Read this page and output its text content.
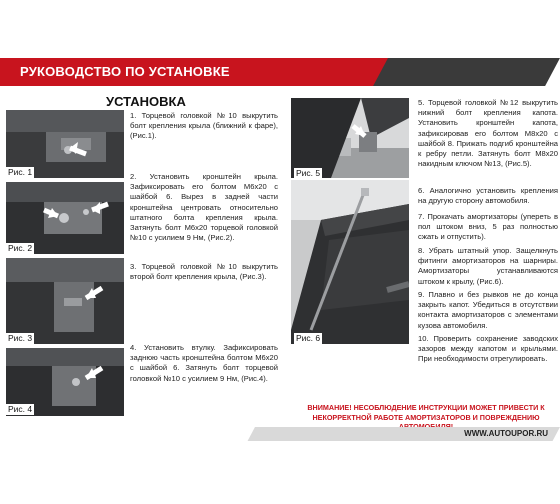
РУКОВОДСТВО ПО УСТАНОВКЕ
УСТАНОВКА
Рис. 1
Рис. 2
Рис. 3
Рис. 4
1. Торцевой головкой №10 выкрутить болт крепления крыла (ближний к фаре), (Рис.1).
2. Установить кронштейн крыла. Зафиксировать его болтом М6х20 с шайбой 6. Вырез в задней части кронштейна центровать относительно штатного болта крепления крыла. Затянуть болт М6х20 торцевой головкой №10 с усилием 9 Нм, (Рис.2).
3. Торцевой головкой №10 выкрутить второй болт крепления крыла, (Рис.3).
4. Установить втулку. Зафиксировать заднюю часть кронштейна болтом М6х20 с шайбой 6. Затянуть болт торцевой головкой №10 с усилием 9 Нм, (Рис.4).
Рис. 5
Рис. 6
5. Торцевой головкой №12 выкрутить нижний болт крепления капота. Установить кронштейн капота, зафиксировав его болтом М8х20 с шайбой 8. Прижать подгиб кронштейна к ребру петли. Затянуть болт М8х20 накидным ключом №13, (Рис.5).
6. Аналогично установить крепления на другую сторону автомобиля.
7. Прокачать амортизаторы (упереть в пол штоком вниз, 5 раз полностью сжать и отпустить).
8. Убрать штатный упор. Защелкнуть фитинги амортизаторов на шарниры. Амортизаторы устанавливаются штоком к крылу, (Рис.6).
9. Плавно и без рывков не до конца закрыть капот. Убедиться в отсутствии контакта амортизаторов с элементами кузова автомобиля.
10. Проверить сохранение заводских зазоров между капотом и крыльями. При необходимости отрегулировать.
ВНИМАНИЕ! НЕСОБЛЮДЕНИЕ ИНСТРУКЦИИ МОЖЕТ ПРИВЕСТИ К
НЕКОРРЕКТНОЙ РАБОТЕ АМОРТИЗАТОРОВ И ПОВРЕЖДЕНИЮ
WWW.AUTOUPOR.RU
